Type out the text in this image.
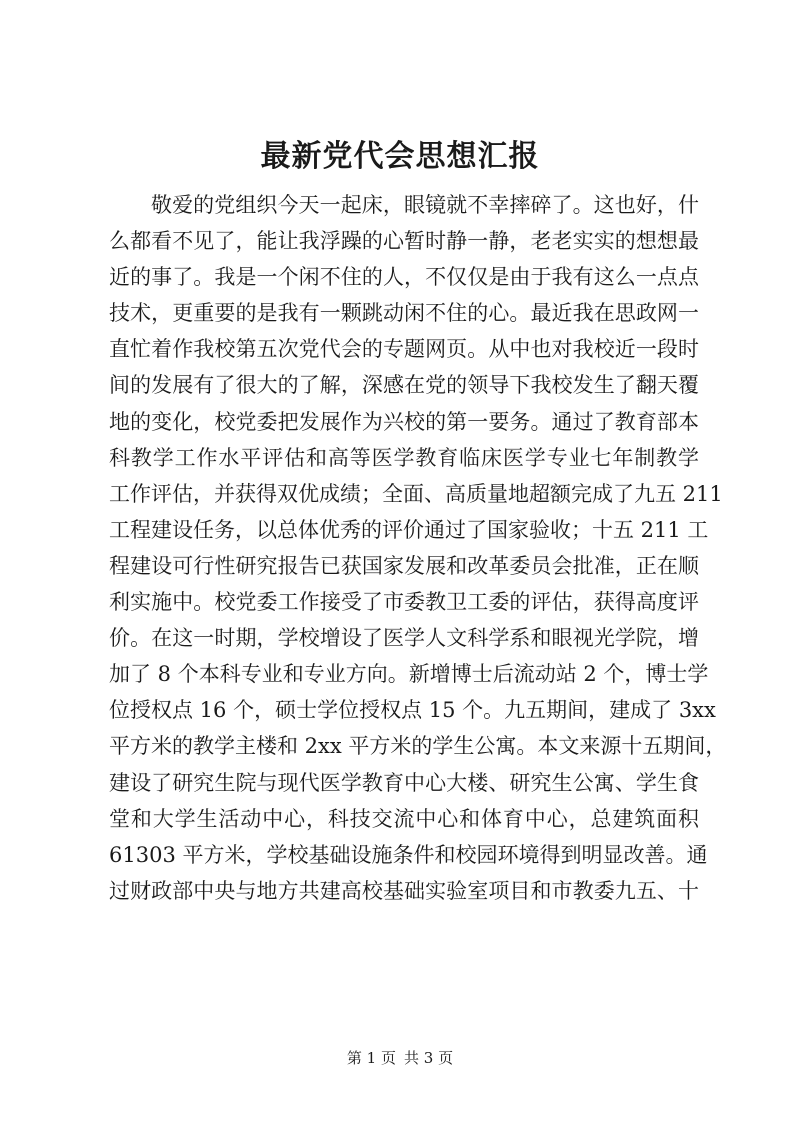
最新党代会思想汇报
敬爱的党组织今天一起床，眼镜就不幸摔碎了。这也好，什
么都看不见了，能让我浮躁的心暂时静一静，老老实实的想想最
近的事了。我是一个闲不住的人，不仅仅是由于我有这么一点点
技术，更重要的是我有一颗跳动闲不住的心。最近我在思政网一
直忙着作我校第五次党代会的专题网页。从中也对我校近一段时
间的发展有了很大的了解，深感在党的领导下我校发生了翻天覆
地的变化，校党委把发展作为兴校的第一要务。通过了教育部本
科教学工作水平评估和高等医学教育临床医学专业七年制教学
工作评估，并获得双优成绩；全面、高质量地超额完成了九五 211
工程建设任务，以总体优秀的评价通过了国家验收；十五 211 工
程建设可行性研究报告已获国家发展和改革委员会批准，正在顺
利实施中。校党委工作接受了市委教卫工委的评估，获得高度评
价。在这一时期，学校增设了医学人文科学系和眼视光学院，增
加了 8 个本科专业和专业方向。新增博士后流动站 2 个，博士学
位授权点 16 个，硕士学位授权点 15 个。九五期间，建成了 3xx
平方米的教学主楼和 2xx 平方米的学生公寓。本文来源十五期间，
建设了研究生院与现代医学教育中心大楼、研究生公寓、学生食
堂和大学生活动中心，科技交流中心和体育中心，总建筑面积
61303 平方米，学校基础设施条件和校园环境得到明显改善。通
过财政部中央与地方共建高校基础实验室项目和市教委九五、十
第 1 页 共 3 页
